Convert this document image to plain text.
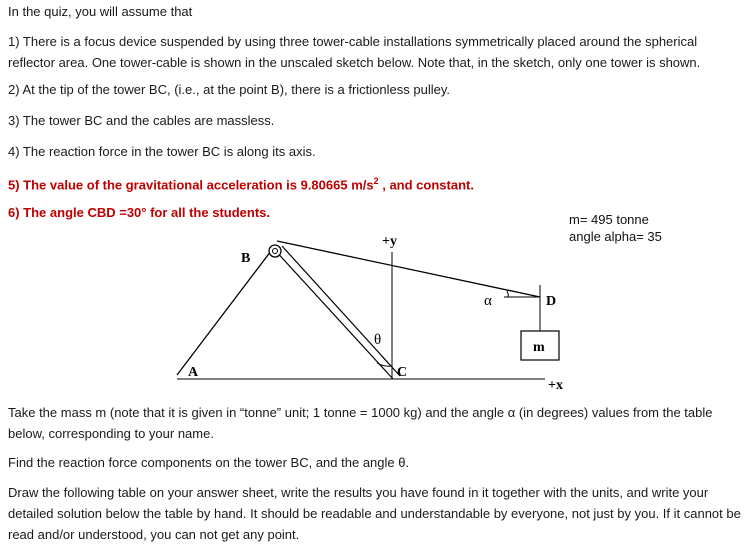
In the quiz, you will assume that
1) There is a focus device suspended by using three tower-cable installations symmetrically placed around the spherical reflector area. One tower-cable is shown in the unscaled sketch below. Note that, in the sketch, only one tower is shown.
2) At the tip of the tower BC, (i.e., at the point B), there is a frictionless pulley.
3) The tower BC and the cables are massless.
4) The reaction force in the tower BC is along its axis.
5) The value of the gravitational acceleration is 9.80665 $m/s^2$ , and constant.
6) The angle CBD =30° for all the students.	m= 495 tonne
angle alpha= 35
B
A	C
D
m
+y
+x
θ
α
Take the mass m (note that it is given in “tonne” unit; 1 tonne = 1000 kg) and the angle α (in degrees) values from the table below, corresponding to your name.
Find the reaction force components on the tower BC, and the angle θ.
Draw the following table on your answer sheet, write the results you have found in it together with the units, and write your detailed solution below the table by hand. It should be readable and understandable by everyone, not just by you. If it cannot be read and/or understood, you can not get any point.
